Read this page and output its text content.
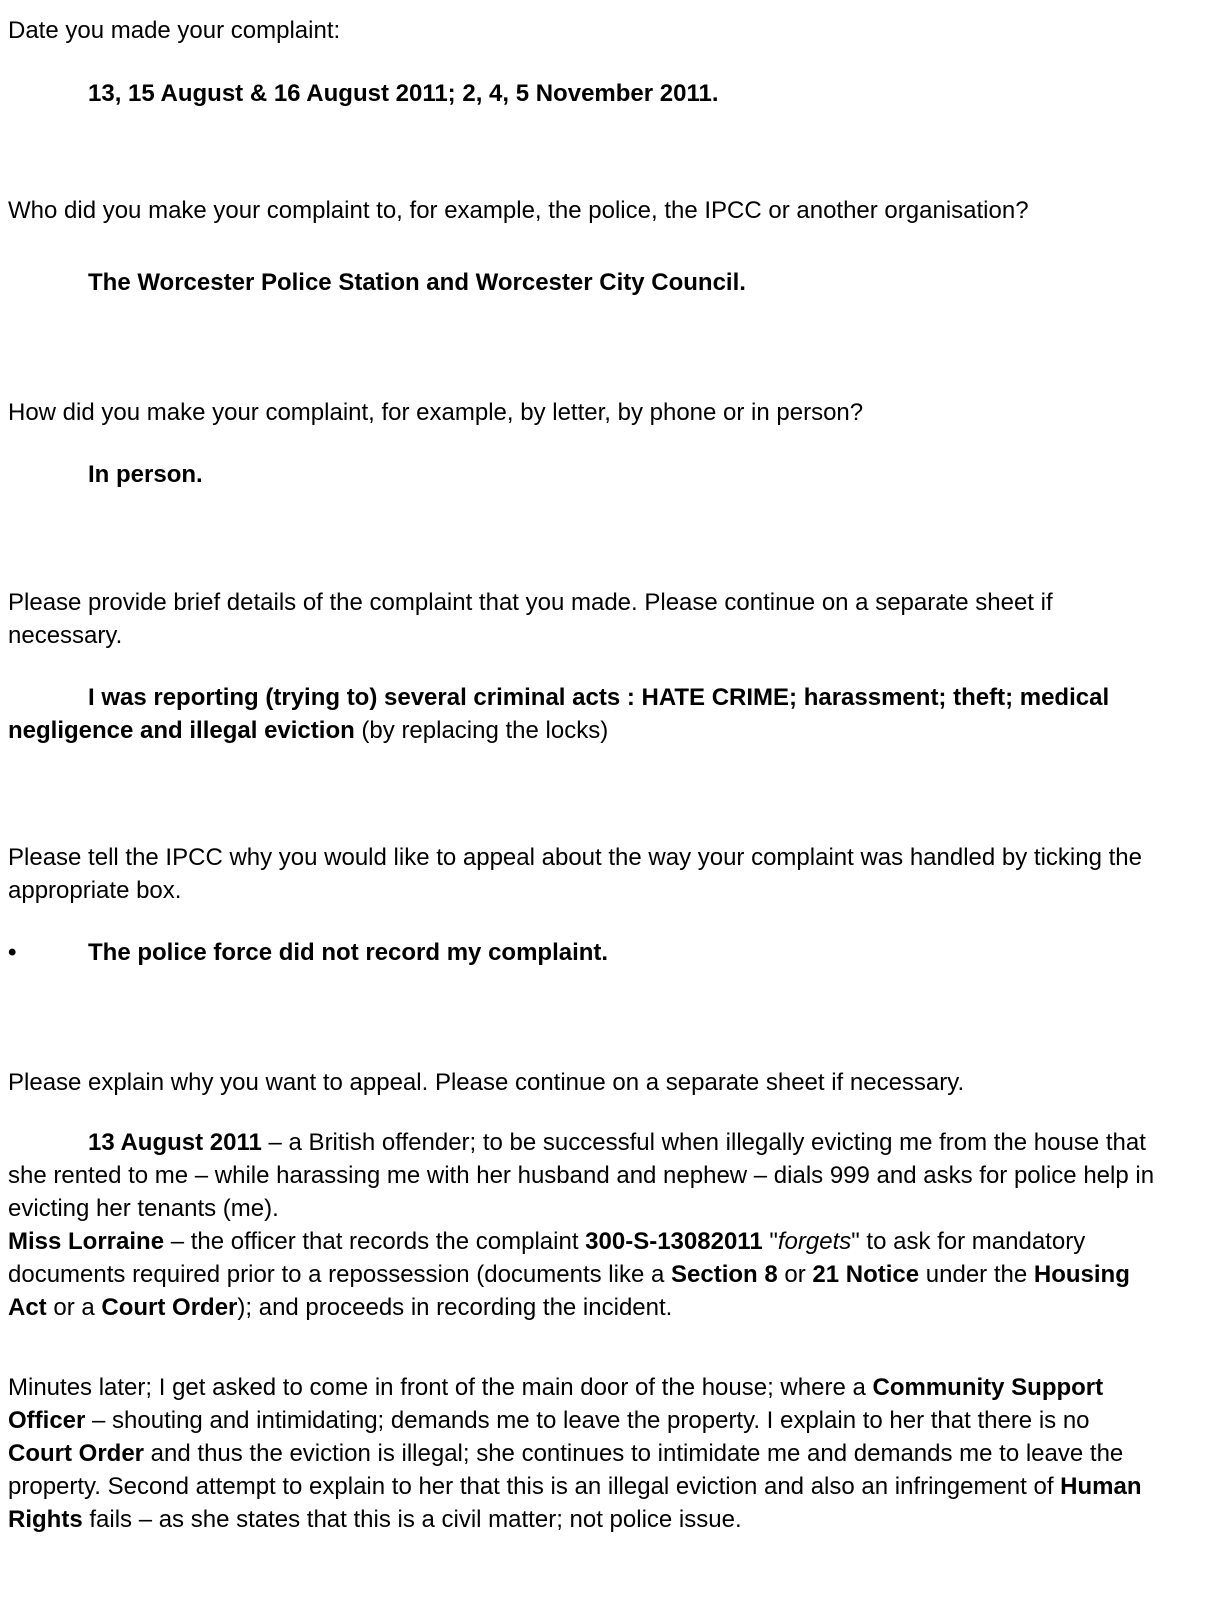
Date you made your complaint:

13, 15 August & 16 August 2011; 2, 4, 5 November 2011.

Who did you make your complaint to, for example, the police, the IPCC or another organisation?

The Worcester Police Station and Worcester City Council.

How did you make your complaint, for example, by letter, by phone or in person?

In person.

Please provide brief details of the complaint that you made. Please continue on a separate sheet if necessary.

I was reporting (trying to) several criminal acts : HATE CRIME; harassment; theft; medical negligence and illegal eviction (by replacing the locks)

Please tell the IPCC why you would like to appeal about the way your complaint was handled by ticking the appropriate box.

•	The police force did not record my complaint.

Please explain why you want to appeal. Please continue on a separate sheet if necessary.

13 August 2011 – a British offender; to be successful when illegally evicting me from the house that she rented to me – while harassing me with her husband and nephew – dials 999 and asks for police help in evicting her tenants (me).
Miss Lorraine – the officer that records the complaint 300-S-13082011 "forgets" to ask for mandatory documents required prior to a repossession (documents like a Section 8 or 21 Notice under the Housing Act or a Court Order); and proceeds in recording the incident.

Minutes later; I get asked to come in front of the main door of the house; where a Community Support Officer – shouting and intimidating; demands me to leave the property. I explain to her that there is no Court Order and thus the eviction is illegal; she continues to intimidate me and demands me to leave the property. Second attempt to explain to her that this is an illegal eviction and also an infringement of Human Rights fails – as she states that this is a civil matter; not police issue.
